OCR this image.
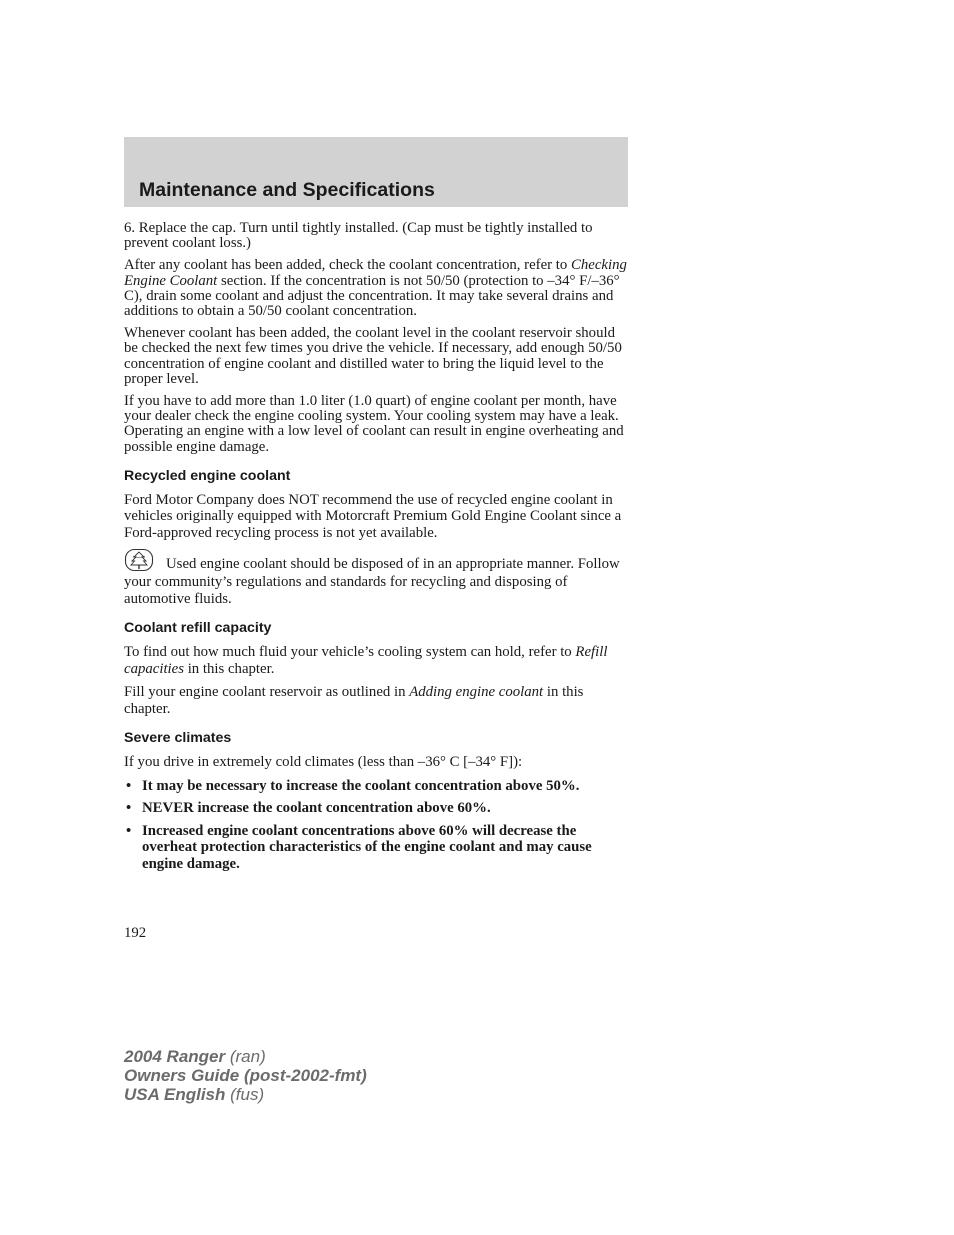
Maintenance and Specifications

6. Replace the cap. Turn until tightly installed. (Cap must be tightly installed to prevent coolant loss.)

After any coolant has been added, check the coolant concentration, refer to Checking Engine Coolant section. If the concentration is not 50/50 (protection to –34° F/–36° C), drain some coolant and adjust the concentration. It may take several drains and additions to obtain a 50/50 coolant concentration.

Whenever coolant has been added, the coolant level in the coolant reservoir should be checked the next few times you drive the vehicle. If necessary, add enough 50/50 concentration of engine coolant and distilled water to bring the liquid level to the proper level.

If you have to add more than 1.0 liter (1.0 quart) of engine coolant per month, have your dealer check the engine cooling system. Your cooling system may have a leak. Operating an engine with a low level of coolant can result in engine overheating and possible engine damage.

Recycled engine coolant

Ford Motor Company does NOT recommend the use of recycled engine coolant in vehicles originally equipped with Motorcraft Premium Gold Engine Coolant since a Ford-approved recycling process is not yet available.

Used engine coolant should be disposed of in an appropriate manner. Follow your community’s regulations and standards for recycling and disposing of automotive fluids.

Coolant refill capacity

To find out how much fluid your vehicle’s cooling system can hold, refer to Refill capacities in this chapter.

Fill your engine coolant reservoir as outlined in Adding engine coolant in this chapter.

Severe climates

If you drive in extremely cold climates (less than –36° C [–34° F]):

• It may be necessary to increase the coolant concentration above 50%.
• NEVER increase the coolant concentration above 60%.
• Increased engine coolant concentrations above 60% will decrease the overheat protection characteristics of the engine coolant and may cause engine damage.

192

2004 Ranger (ran)
Owners Guide (post-2002-fmt)
USA English (fus)
